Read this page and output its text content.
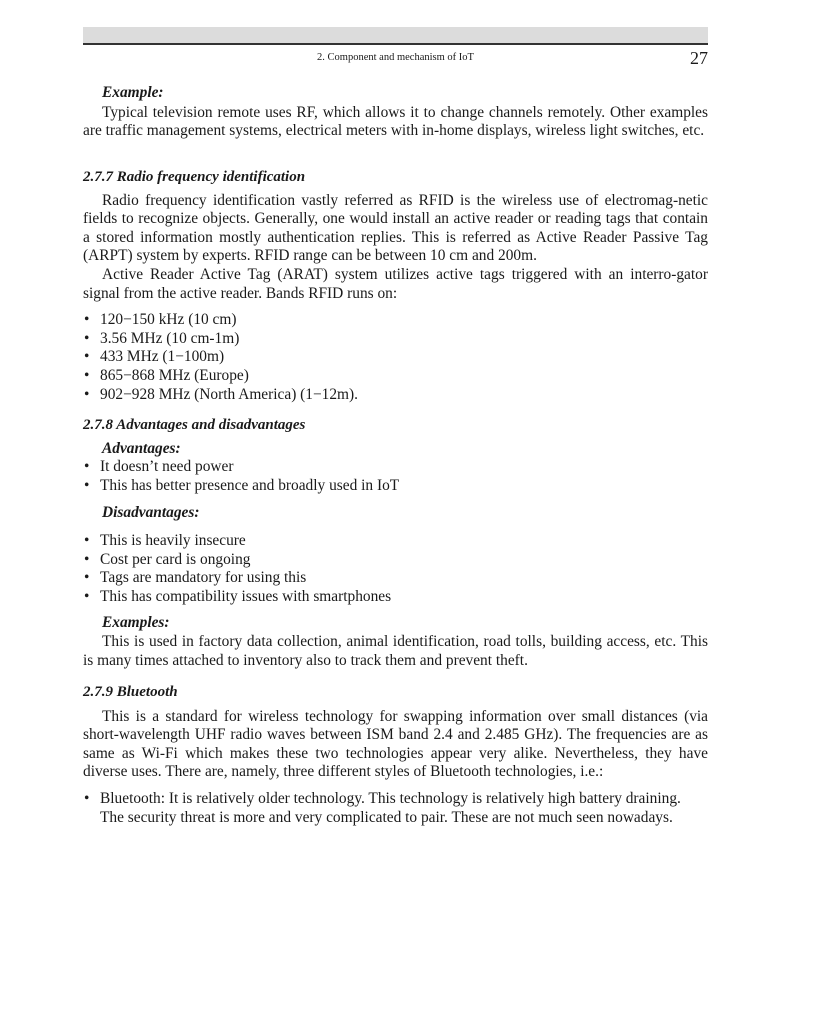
2. Component and mechanism of IoT	27

Example:

Typical television remote uses RF, which allows it to change channels remotely. Other examples are traffic management systems, electrical meters with in-home displays, wireless light switches, etc.

2.7.7 Radio frequency identification

Radio frequency identification vastly referred as RFID is the wireless use of electromag-netic fields to recognize objects. Generally, one would install an active reader or reading tags that contain a stored information mostly authentication replies. This is referred as Active Reader Passive Tag (ARPT) system by experts. RFID range can be between 10 cm and 200m.

Active Reader Active Tag (ARAT) system utilizes active tags triggered with an interro-gator signal from the active reader. Bands RFID runs on:

• 120−150 kHz (10 cm)
• 3.56 MHz (10 cm-1m)
• 433 MHz (1−100m)
• 865−868 MHz (Europe)
• 902−928 MHz (North America) (1−12m).

2.7.8 Advantages and disadvantages

Advantages:

• It doesn’t need power
• This has better presence and broadly used in IoT

Disadvantages:

• This is heavily insecure
• Cost per card is ongoing
• Tags are mandatory for using this
• This has compatibility issues with smartphones

Examples:

This is used in factory data collection, animal identification, road tolls, building access, etc. This is many times attached to inventory also to track them and prevent theft.

2.7.9 Bluetooth

This is a standard for wireless technology for swapping information over small distances (via short-wavelength UHF radio waves between ISM band 2.4 and 2.485 GHz). The frequencies are as same as Wi-Fi which makes these two technologies appear very alike. Nevertheless, they have diverse uses. There are, namely, three different styles of Bluetooth technologies, i.e.:

• Bluetooth: It is relatively older technology. This technology is relatively high battery draining. The security threat is more and very complicated to pair. These are not much seen nowadays.
